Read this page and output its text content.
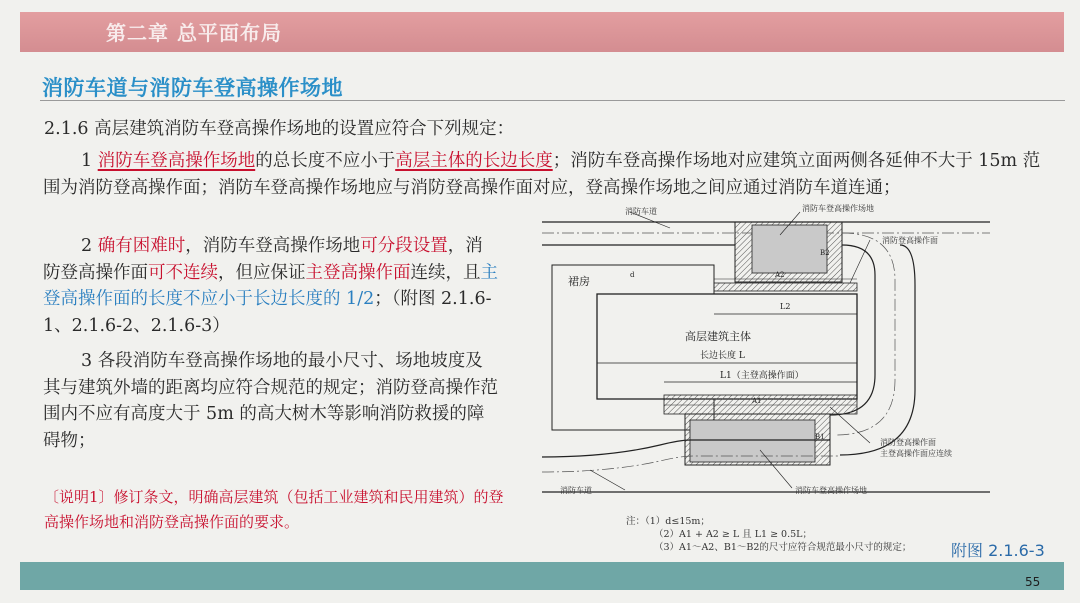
第二章 总平面布局
消防车道与消防车登高操作场地
2.1.6 高层建筑消防车登高操作场地的设置应符合下列规定：
1 消防车登高操作场地的总长度不应小于高层主体的长边长度；消防车登高操作场地对应建筑立面两侧各延伸不大于 15m 范围为消防登高操作面；消防车登高操作场地应与消防登高操作面对应，登高操作场地之间应通过消防车道连通；
2 确有困难时，消防车登高操作场地可分段设置，消防登高操作面可不连续，但应保证主登高操作面连续，且主登高操作面的长度不应小于长边长度的 1/2；（附图 2.1.6-1、2.1.6-2、2.1.6-3）
3 各段消防车登高操作场地的最小尺寸、场地坡度及其与建筑外墙的距离均应符合规范的规定；消防登高操作范围内不应有高度大于 5m 的高大树木等影响消防救援的障碍物；
〔说明1〕修订条文，明确高层建筑（包括工业建筑和民用建筑）的登高操作场地和消防登高操作面的要求。
消防车道	消防车登高操作场地
消防登高操作面
裙房
高层建筑主体
长边长度 L
L1（主登高操作面）
L2
消防登高操作面
主登高操作面应连续
消防车登高操作场地
消防车道
A1
A2
B1
B2
d
注：（1）d≤15m；
（2）A1 + A2 ≥ L 且 L1 ≥ 0.5L；
（3）A1～A2、B1～B2的尺寸应符合规范最小尺寸的规定； 附图 2.1.6-3
55
